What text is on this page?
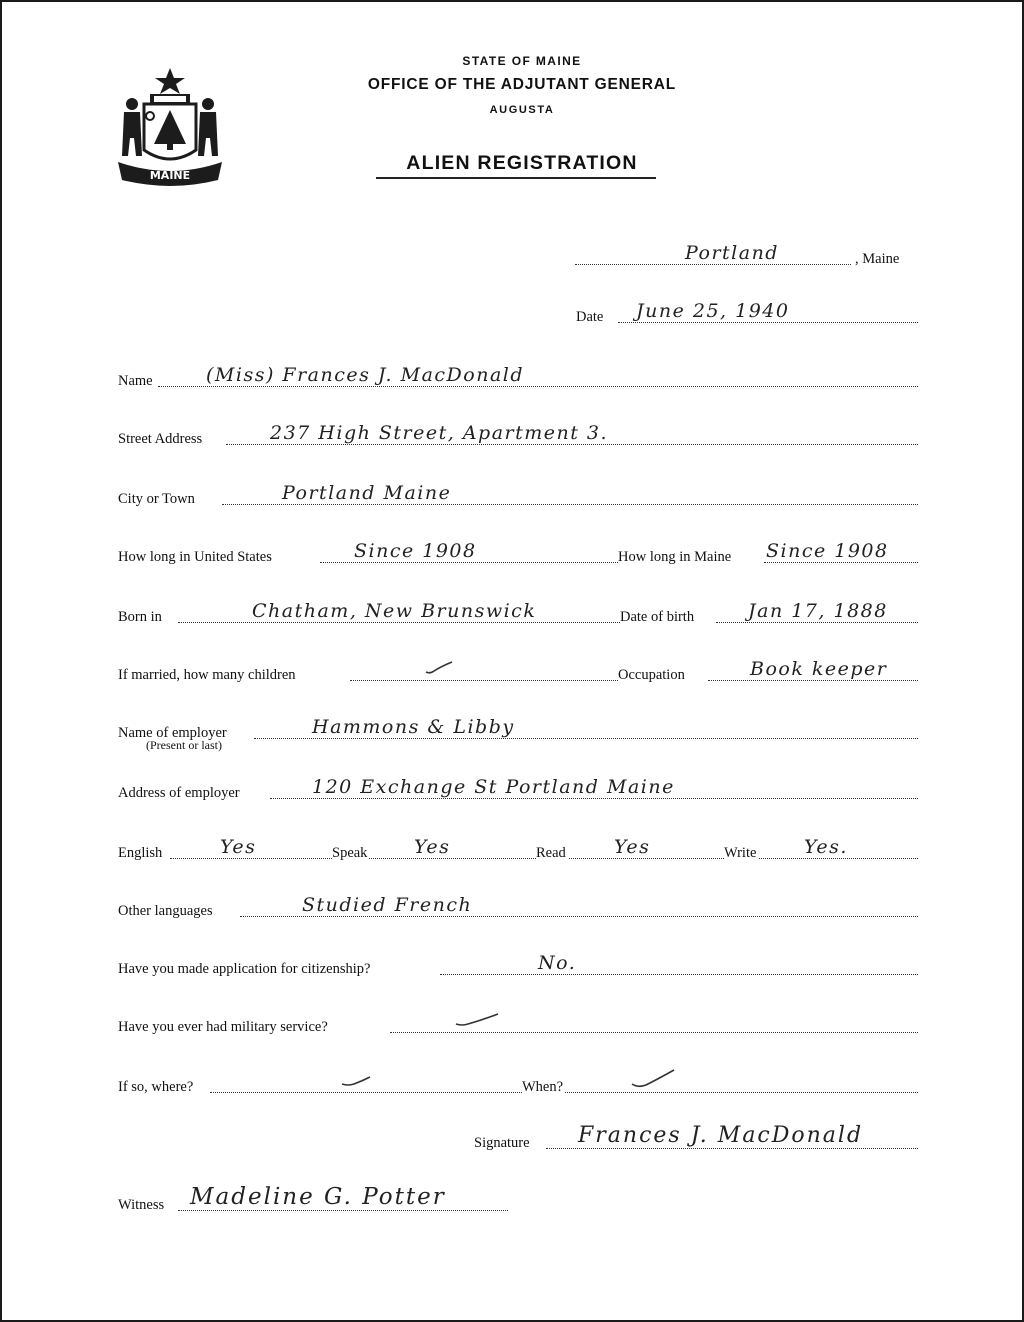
MAINE
STATE OF MAINE
OFFICE OF THE ADJUTANT GENERAL
AUGUSTA
ALIEN REGISTRATION
Portland	, Maine
Date June 25, 1940
Name	(Miss) Frances J. MacDonald
Street Address	237 High Street, Apartment 3.
City or Town	Portland Maine
How long in United States	Since 1908	How long in Maine Since 1908
Born in	Chatham, New Brunswick	Date of birth	Jan 17, 1888
If married, how many children	Occupation	Book keeper
Name of employer	Hammons & Libby
(Present or last)
Address of employer	120 Exchange St Portland Maine
English	Yes	Speak Yes	Read	Yes	Write	Yes.
Other languages	Studied French
Have you made application for citizenship?	No.
Have you ever had military service?
If so, where?	When?
Signature Frances J. MacDonald
Witness Madeline G. Potter
